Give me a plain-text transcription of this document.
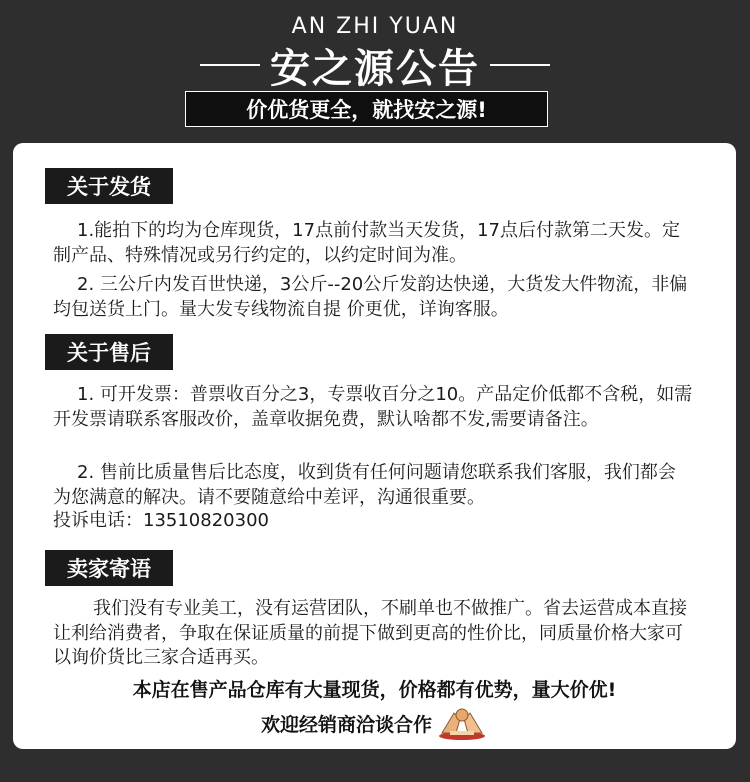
AN ZHI YUAN
安之源公告
价优货更全，就找安之源!
关于发货
1.能拍下的均为仓库现货，17点前付款当天发货，17点后付款第二天发。定制产品、特殊情况或另行约定的，以约定时间为准。
2. 三公斤内发百世快递，3公斤--20公斤发韵达快递，大货发大件物流，非偏均包送货上门。量大发专线物流自提 价更优，详询客服。
关于售后
1. 可开发票：普票收百分之3，专票收百分之10。产品定价低都不含税，如需开发票请联系客服改价，盖章收据免费，默认啥都不发,需要请备注。
2. 售前比质量售后比态度，收到货有任何问题请您联系我们客服，我们都会为您满意的解决。请不要随意给中差评，沟通很重要。
投诉电话：13510820300
卖家寄语
我们没有专业美工，没有运营团队，不刷单也不做推广。省去运营成本直接让利给消费者，争取在保证质量的前提下做到更高的性价比，同质量价格大家可以询价货比三家合适再买。
本店在售产品仓库有大量现货，价格都有优势，量大价优!
欢迎经销商洽谈合作
